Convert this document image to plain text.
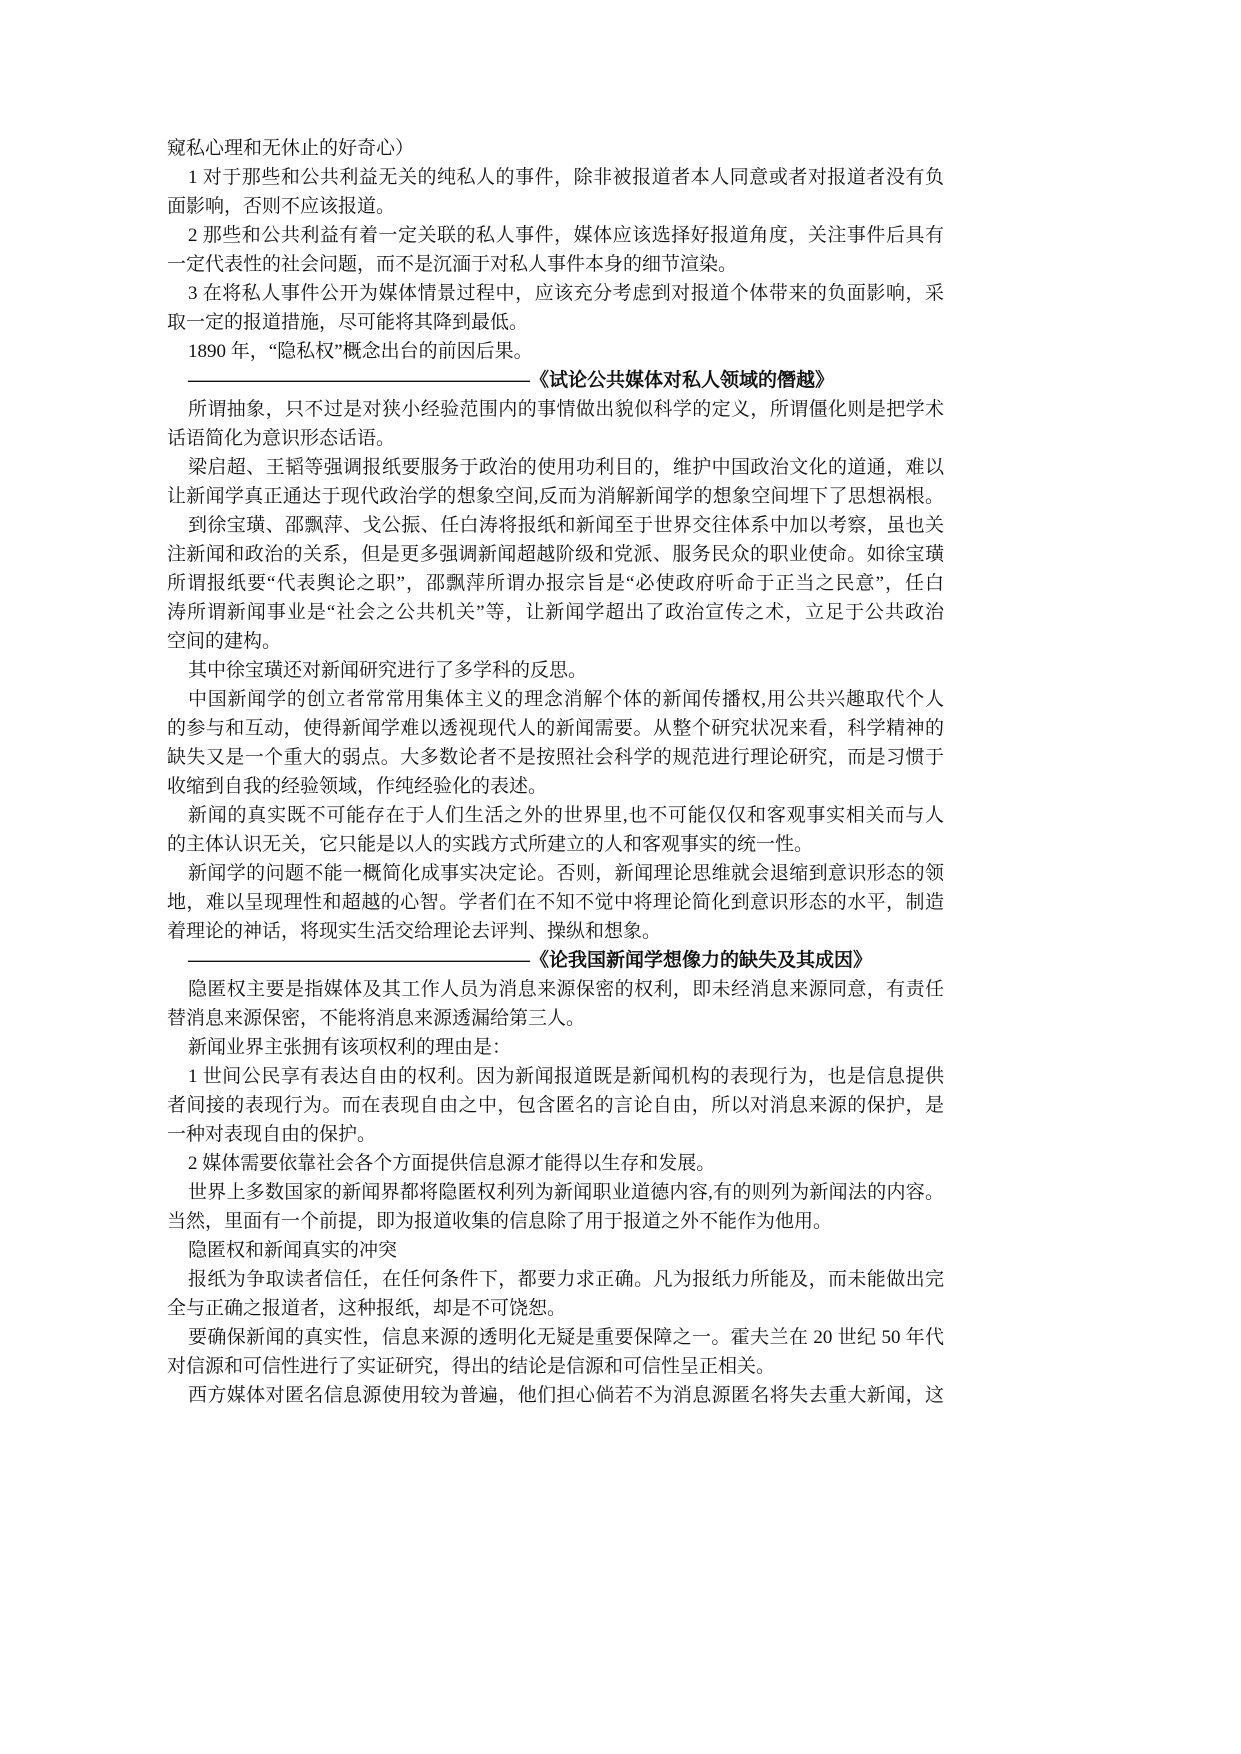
窥私心理和无休止的好奇心）
1 对于那些和公共利益无关的纯私人的事件，除非被报道者本人同意或者对报道者没有负
面影响，否则不应该报道。
2 那些和公共利益有着一定关联的私人事件，媒体应该选择好报道角度，关注事件后具有
一定代表性的社会问题，而不是沉湎于对私人事件本身的细节渲染。
3 在将私人事件公开为媒体情景过程中，应该充分考虑到对报道个体带来的负面影响，采
取一定的报道措施，尽可能将其降到最低。
1890 年，“隐私权”概念出台的前因后果。
——————————————————《试论公共媒体对私人领域的僭越》
所谓抽象，只不过是对狭小经验范围内的事情做出貌似科学的定义，所谓僵化则是把学术
话语简化为意识形态话语。
梁启超、王韬等强调报纸要服务于政治的使用功利目的，维护中国政治文化的道通，难以
让新闻学真正通达于现代政治学的想象空间,反而为消解新闻学的想象空间埋下了思想祸根。
到徐宝璜、邵飘萍、戈公振、任白涛将报纸和新闻至于世界交往体系中加以考察，虽也关
注新闻和政治的关系，但是更多强调新闻超越阶级和党派、服务民众的职业使命。如徐宝璜
所谓报纸要“代表舆论之职”，邵飘萍所谓办报宗旨是“必使政府听命于正当之民意”，任白
涛所谓新闻事业是“社会之公共机关”等，让新闻学超出了政治宣传之术，立足于公共政治
空间的建构。
其中徐宝璜还对新闻研究进行了多学科的反思。
中国新闻学的创立者常常用集体主义的理念消解个体的新闻传播权,用公共兴趣取代个人
的参与和互动，使得新闻学难以透视现代人的新闻需要。从整个研究状况来看，科学精神的
缺失又是一个重大的弱点。大多数论者不是按照社会科学的规范进行理论研究，而是习惯于
收缩到自我的经验领域，作纯经验化的表述。
新闻的真实既不可能存在于人们生活之外的世界里,也不可能仅仅和客观事实相关而与人
的主体认识无关，它只能是以人的实践方式所建立的人和客观事实的统一性。
新闻学的问题不能一概简化成事实决定论。否则，新闻理论思维就会退缩到意识形态的领
地，难以呈现理性和超越的心智。学者们在不知不觉中将理论简化到意识形态的水平，制造
着理论的神话，将现实生活交给理论去评判、操纵和想象。
——————————————————《论我国新闻学想像力的缺失及其成因》
隐匿权主要是指媒体及其工作人员为消息来源保密的权利，即未经消息来源同意，有责任
替消息来源保密，不能将消息来源透漏给第三人。
新闻业界主张拥有该项权利的理由是：
1 世间公民享有表达自由的权利。因为新闻报道既是新闻机构的表现行为，也是信息提供
者间接的表现行为。而在表现自由之中，包含匿名的言论自由，所以对消息来源的保护，是
一种对表现自由的保护。
2 媒体需要依靠社会各个方面提供信息源才能得以生存和发展。
世界上多数国家的新闻界都将隐匿权利列为新闻职业道德内容,有的则列为新闻法的内容。
当然，里面有一个前提，即为报道收集的信息除了用于报道之外不能作为他用。
隐匿权和新闻真实的冲突
报纸为争取读者信任，在任何条件下，都要力求正确。凡为报纸力所能及，而未能做出完
全与正确之报道者，这种报纸，却是不可饶恕。
要确保新闻的真实性，信息来源的透明化无疑是重要保障之一。霍夫兰在 20 世纪 50 年代
对信源和可信性进行了实证研究，得出的结论是信源和可信性呈正相关。
西方媒体对匿名信息源使用较为普遍，他们担心倘若不为消息源匿名将失去重大新闻，这
